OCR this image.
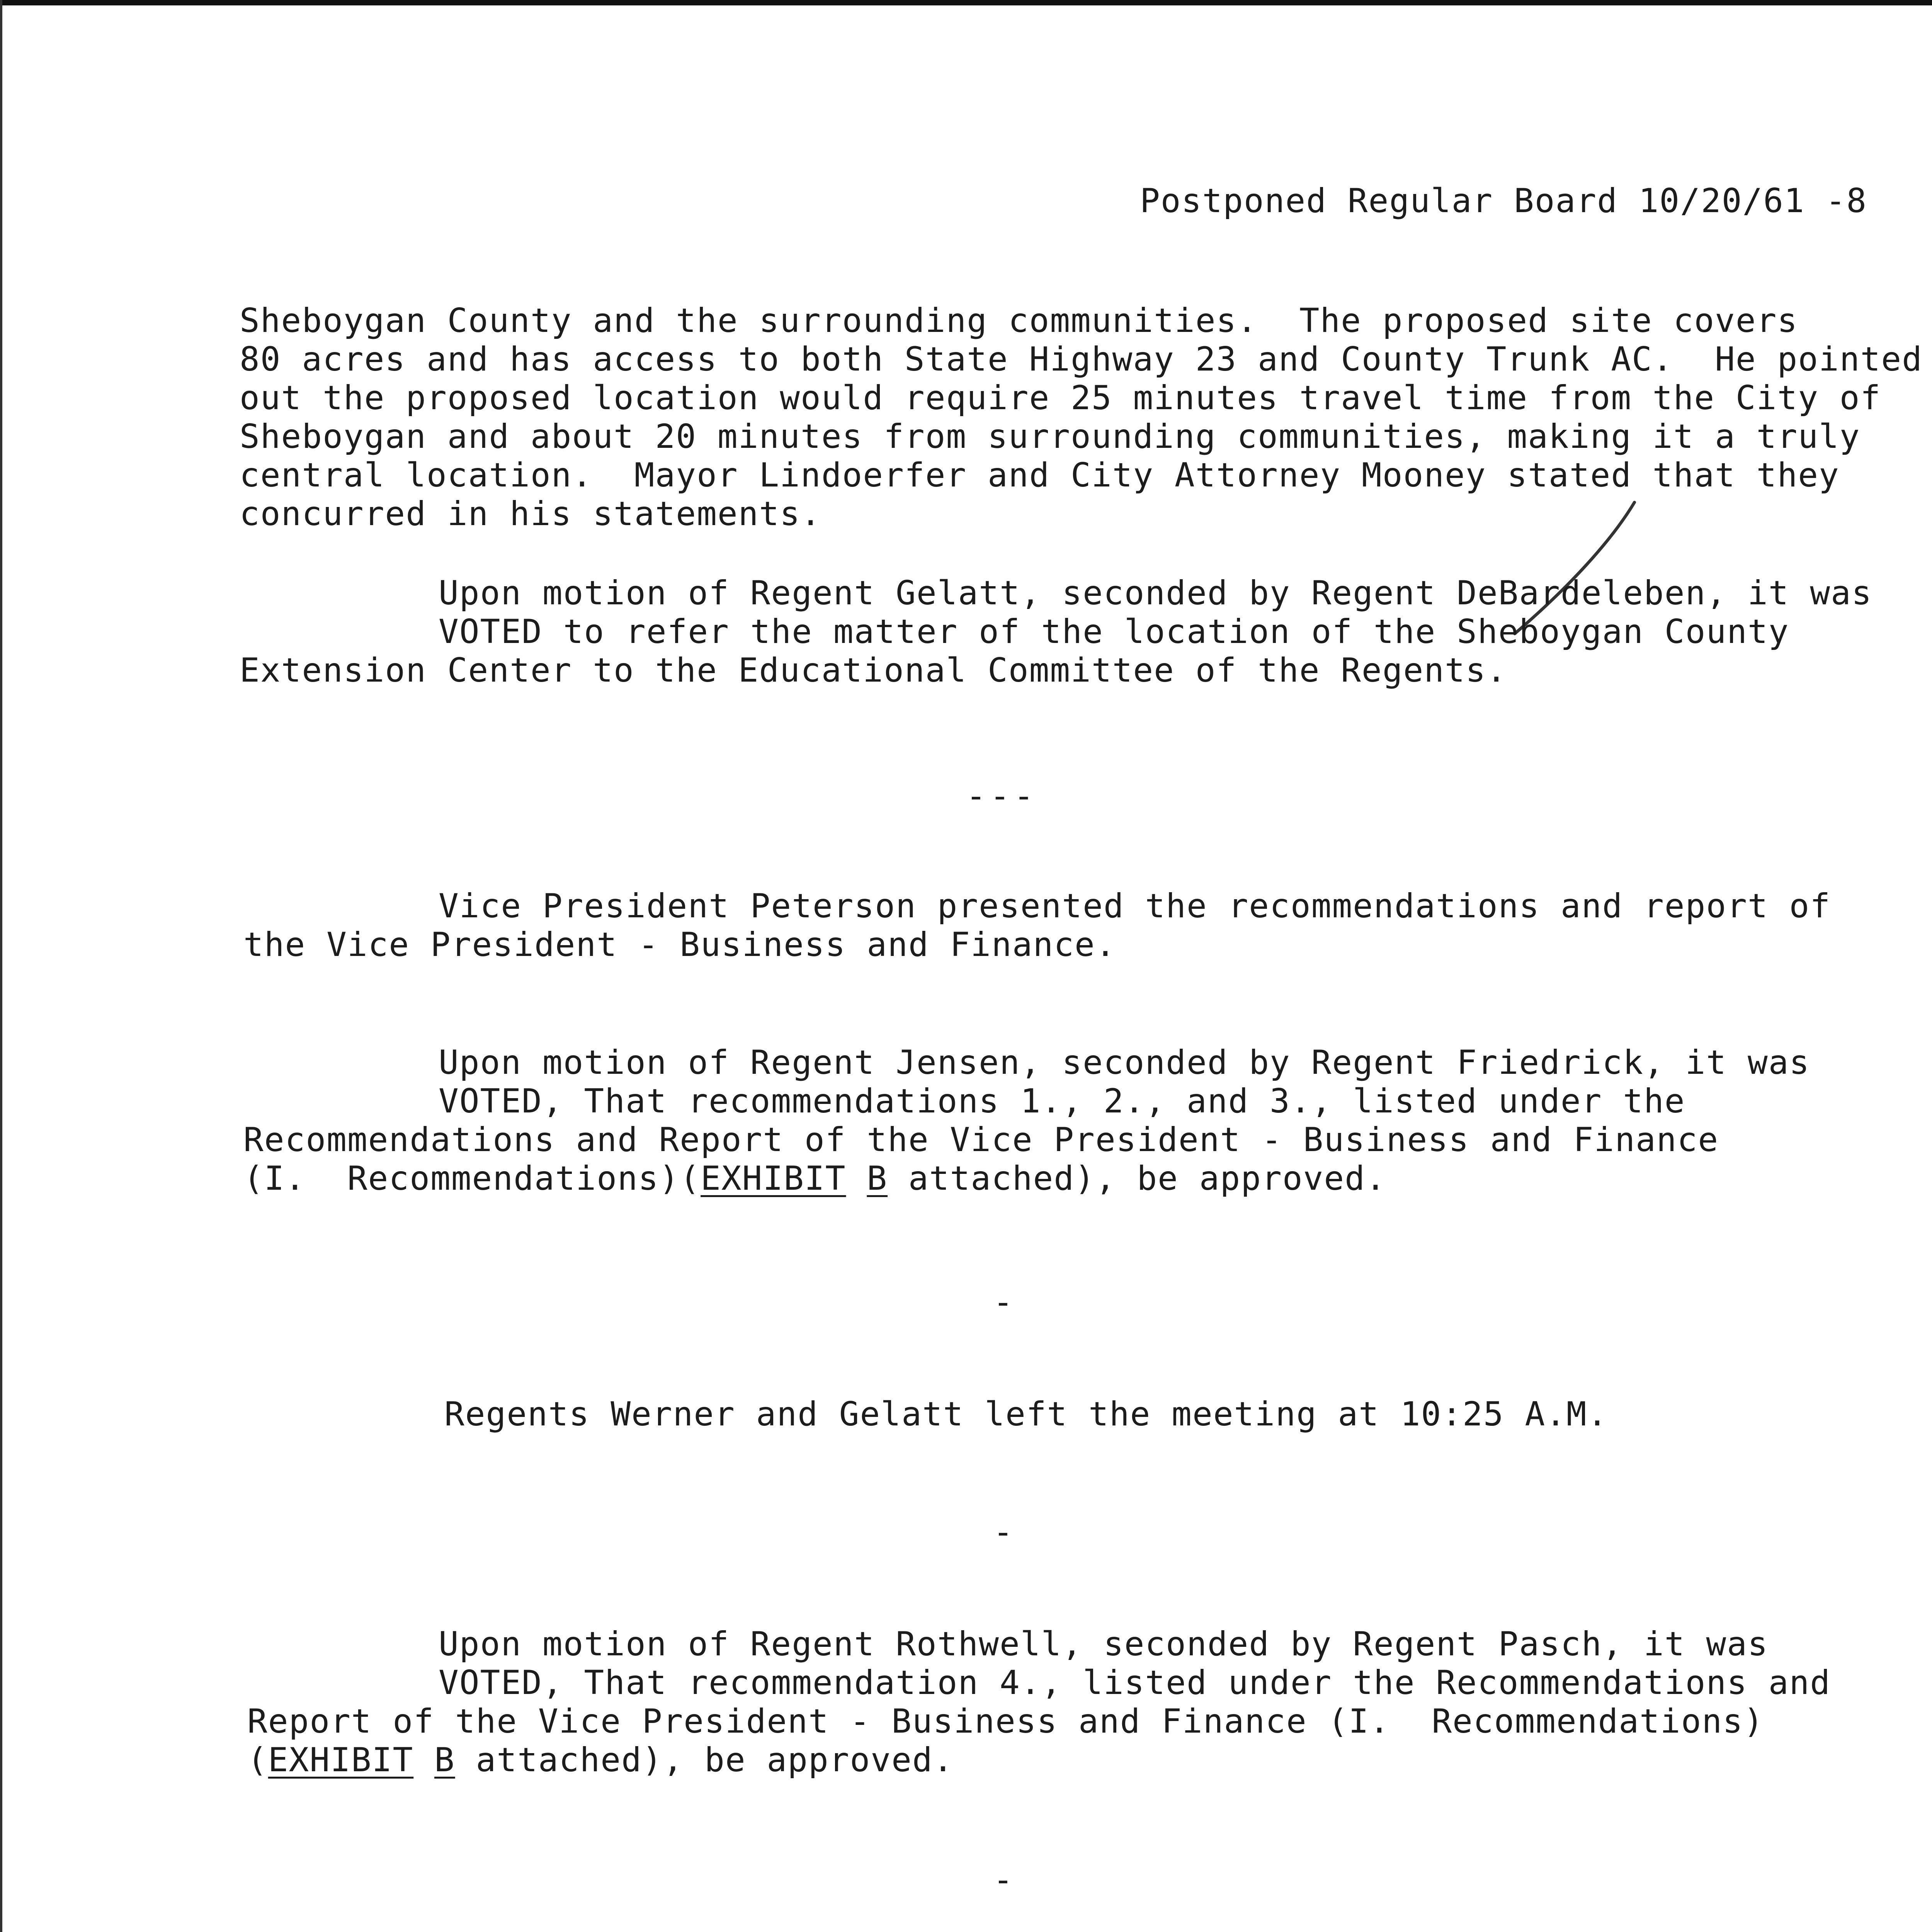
Postponed Regular Board 10/20/61 -8
Sheboygan County and the surrounding communities.  The proposed site covers
80 acres and has access to both State Highway 23 and County Trunk AC.  He pointed
out the proposed location would require 25 minutes travel time from the City of
Sheboygan and about 20 minutes from surrounding communities, making it a truly
central location.  Mayor Lindoerfer and City Attorney Mooney stated that they
concurred in his statements.
Upon motion of Regent Gelatt, seconded by Regent DeBardeleben, it was
VOTED to refer the matter of the location of the Sheboygan County
Extension Center to the Educational Committee of the Regents.
---
Vice President Peterson presented the recommendations and report of
the Vice President - Business and Finance.
Upon motion of Regent Jensen, seconded by Regent Friedrick, it was
VOTED, That recommendations 1., 2., and 3., listed under the
Recommendations and Report of the Vice President - Business and Finance
(I.  Recommendations)(EXHIBIT B attached), be approved.
-
Regents Werner and Gelatt left the meeting at 10:25 A.M.
-
Upon motion of Regent Rothwell, seconded by Regent Pasch, it was
VOTED, That recommendation 4., listed under the Recommendations and
Report of the Vice President - Business and Finance (I.  Recommendations)
(EXHIBIT B attached), be approved.
-
